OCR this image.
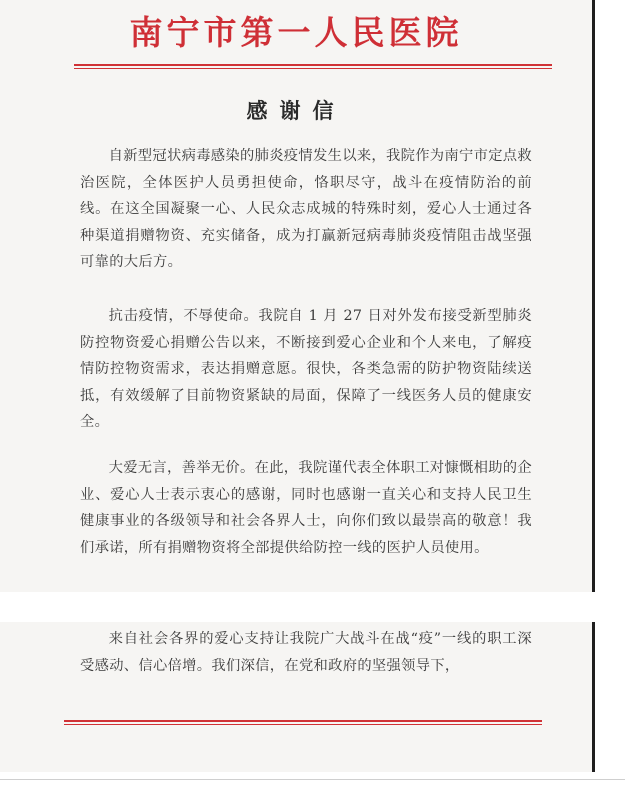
南宁市第一人民医院
感谢信

自新型冠状病毒感染的肺炎疫情发生以来，我院作为南宁市定点救治医院，全体医护人员勇担使命，恪职尽守，战斗在疫情防治的前线。在这全国凝聚一心、人民众志成城的特殊时刻，爱心人士通过各种渠道捐赠物资、充实储备，成为打赢新冠病毒肺炎疫情阻击战坚强可靠的大后方。

抗击疫情，不辱使命。我院自 1 月 27 日对外发布接受新型肺炎防控物资爱心捐赠公告以来，不断接到爱心企业和个人来电，了解疫情防控物资需求，表达捐赠意愿。很快，各类急需的防护物资陆续送抵，有效缓解了目前物资紧缺的局面，保障了一线医务人员的健康安全。

大爱无言，善举无价。在此，我院谨代表全体职工对慷慨相助的企业、爱心人士表示衷心的感谢，同时也感谢一直关心和支持人民卫生健康事业的各级领导和社会各界人士，向你们致以最崇高的敬意！我们承诺，所有捐赠物资将全部提供给防控一线的医护人员使用。

来自社会各界的爱心支持让我院广大战斗在战“疫”一线的职工深受感动、信心倍增。我们深信，在党和政府的坚强领导下，
